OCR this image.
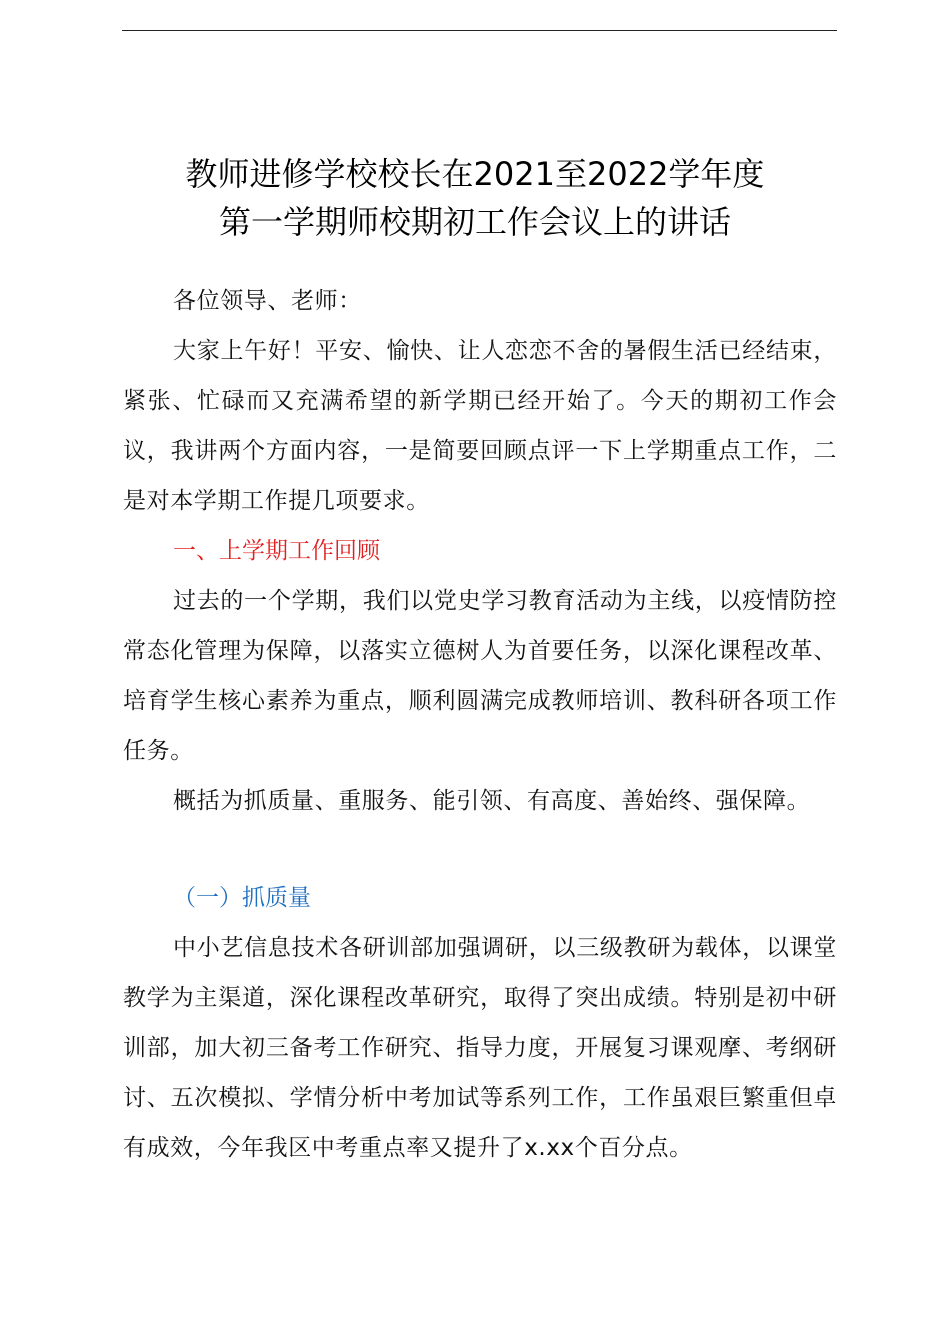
教师进修学校校长在2021至2022学年度
第一学期师校期初工作会议上的讲话
各位领导、老师：
大家上午好！平安、愉快、让人恋恋不舍的暑假生活已经结束，紧张、忙碌而又充满希望的新学期已经开始了。今天的期初工作会议，我讲两个方面内容，一是简要回顾点评一下上学期重点工作，二是对本学期工作提几项要求。
一、上学期工作回顾
过去的一个学期，我们以党史学习教育活动为主线，以疫情防控常态化管理为保障，以落实立德树人为首要任务，以深化课程改革、培育学生核心素养为重点，顺利圆满完成教师培训、教科研各项工作任务。
概括为抓质量、重服务、能引领、有高度、善始终、强保障。
（一）抓质量
中小艺信息技术各研训部加强调研，以三级教研为载体，以课堂教学为主渠道，深化课程改革研究，取得了突出成绩。特别是初中研训部，加大初三备考工作研究、指导力度，开展复习课观摩、考纲研讨、五次模拟、学情分析中考加试等系列工作，工作虽艰巨繁重但卓有成效，今年我区中考重点率又提升了x.xx个百分点。
